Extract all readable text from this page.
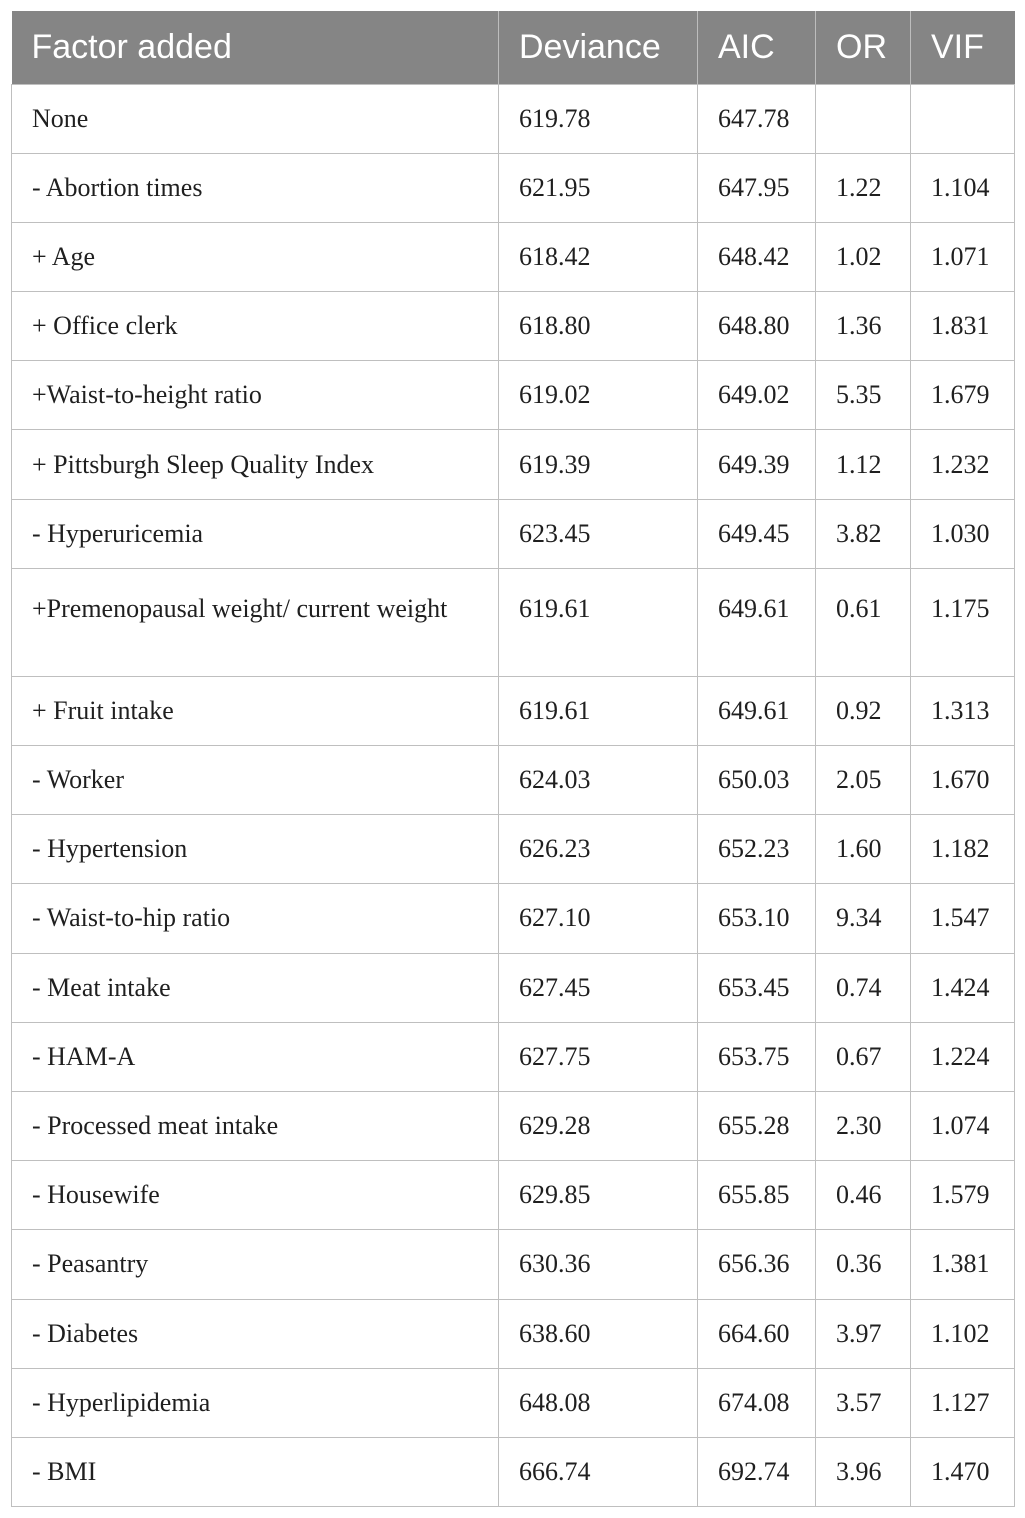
Factor added	Deviance	AIC	OR	VIF
None	619.78	647.78		
- Abortion times	621.95	647.95	1.22	1.104
+ Age	618.42	648.42	1.02	1.071
+ Office clerk	618.80	648.80	1.36	1.831
+Waist-to-height ratio	619.02	649.02	5.35	1.679
+ Pittsburgh Sleep Quality Index	619.39	649.39	1.12	1.232
- Hyperuricemia	623.45	649.45	3.82	1.030
+Premenopausal weight/ current weight	619.61	649.61	0.61	1.175
+ Fruit intake	619.61	649.61	0.92	1.313
- Worker	624.03	650.03	2.05	1.670
- Hypertension	626.23	652.23	1.60	1.182
- Waist-to-hip ratio	627.10	653.10	9.34	1.547
- Meat intake	627.45	653.45	0.74	1.424
- HAM-A	627.75	653.75	0.67	1.224
- Processed meat intake	629.28	655.28	2.30	1.074
- Housewife	629.85	655.85	0.46	1.579
- Peasantry	630.36	656.36	0.36	1.381
- Diabetes	638.60	664.60	3.97	1.102
- Hyperlipidemia	648.08	674.08	3.57	1.127
- BMI	666.74	692.74	3.96	1.470
